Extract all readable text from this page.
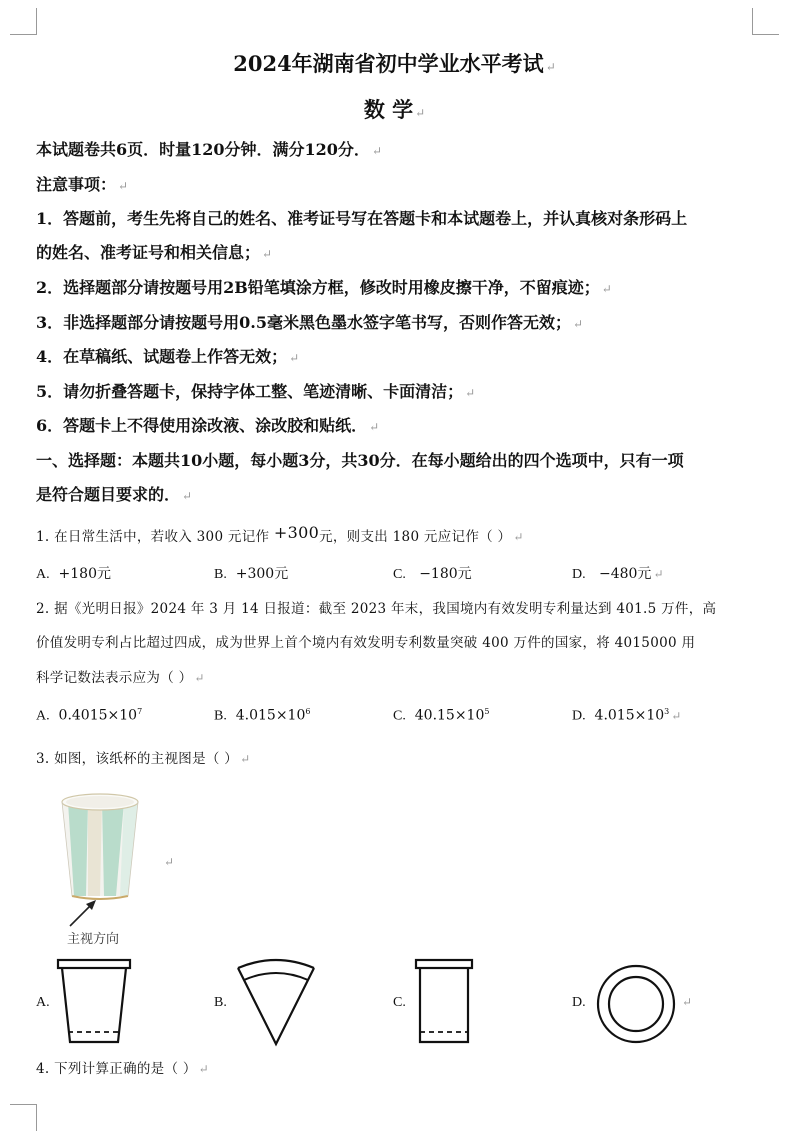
2024年湖南省初中学业水平考试 ↵
数 学 ↵
本试题卷共6页．时量120分钟．满分120分． ↵
注意事项： ↵
1．答题前，考生先将自己的姓名、准考证号写在答题卡和本试题卷上，并认真核对条形码上
的姓名、准考证号和相关信息； ↵
2．选择题部分请按题号用2B铅笔填涂方框，修改时用橡皮擦干净，不留痕迹； ↵
3．非选择题部分请按题号用0.5毫米黑色墨水签字笔书写，否则作答无效； ↵
4．在草稿纸、试题卷上作答无效； ↵
5．请勿折叠答题卡，保持字体工整、笔迹清晰、卡面清洁； ↵
6．答题卡上不得使用涂改液、涂改胶和贴纸． ↵
一、选择题：本题共10小题，每小题3分，共30分．在每小题给出的四个选项中，只有一项
是符合题目要求的． ↵
1. 在日常生活中，若收入 300 元记作 +300元，则支出 180 元应记作（ ） ↵
A. +180元	B. +300元	C. −180元	D. −480元 ↵
2. 据《光明日报》2024 年 3 月 14 日报道：截至 2023 年末，我国境内有效发明专利量达到 401.5 万件，高
价值发明专利占比超过四成，成为世界上首个境内有效发明专利数量突破 400 万件的国家，将 4015000 用
科学记数法表示应为（ ） ↵
A. $0.4015\times 10^7$	B. $4.015\times 10^6$	C. $40.15\times 10^5$	D. $4.015\times 10^3$ ↵
3. 如图，该纸杯的主视图是（ ） ↵
↵
主视方向
A.	B.	C.	D.	↵
4. 下列计算正确的是（ ） ↵
